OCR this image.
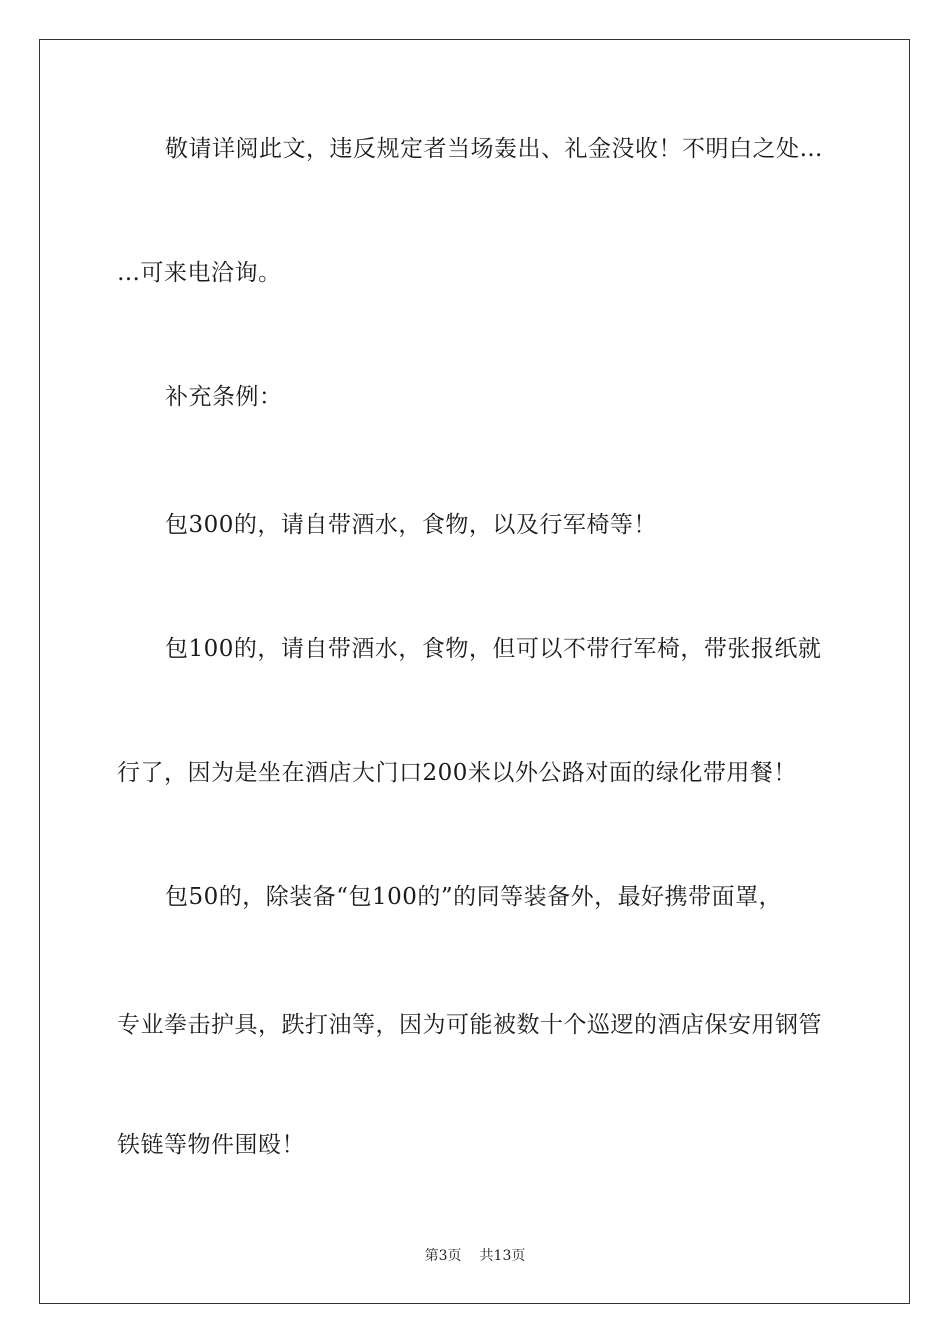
敬请详阅此文，违反规定者当场轰出、礼金没收！不明白之处…
…可来电洽询。
补充条例：
包300的，请自带酒水，食物，以及行军椅等！
包100的，请自带酒水，食物，但可以不带行军椅，带张报纸就
行了，因为是坐在酒店大门口200米以外公路对面的绿化带用餐！
包50的，除装备“包100的”的同等装备外，最好携带面罩，
专业拳击护具，跌打油等，因为可能被数十个巡逻的酒店保安用钢管
铁链等物件围殴！
第3页 共13页
